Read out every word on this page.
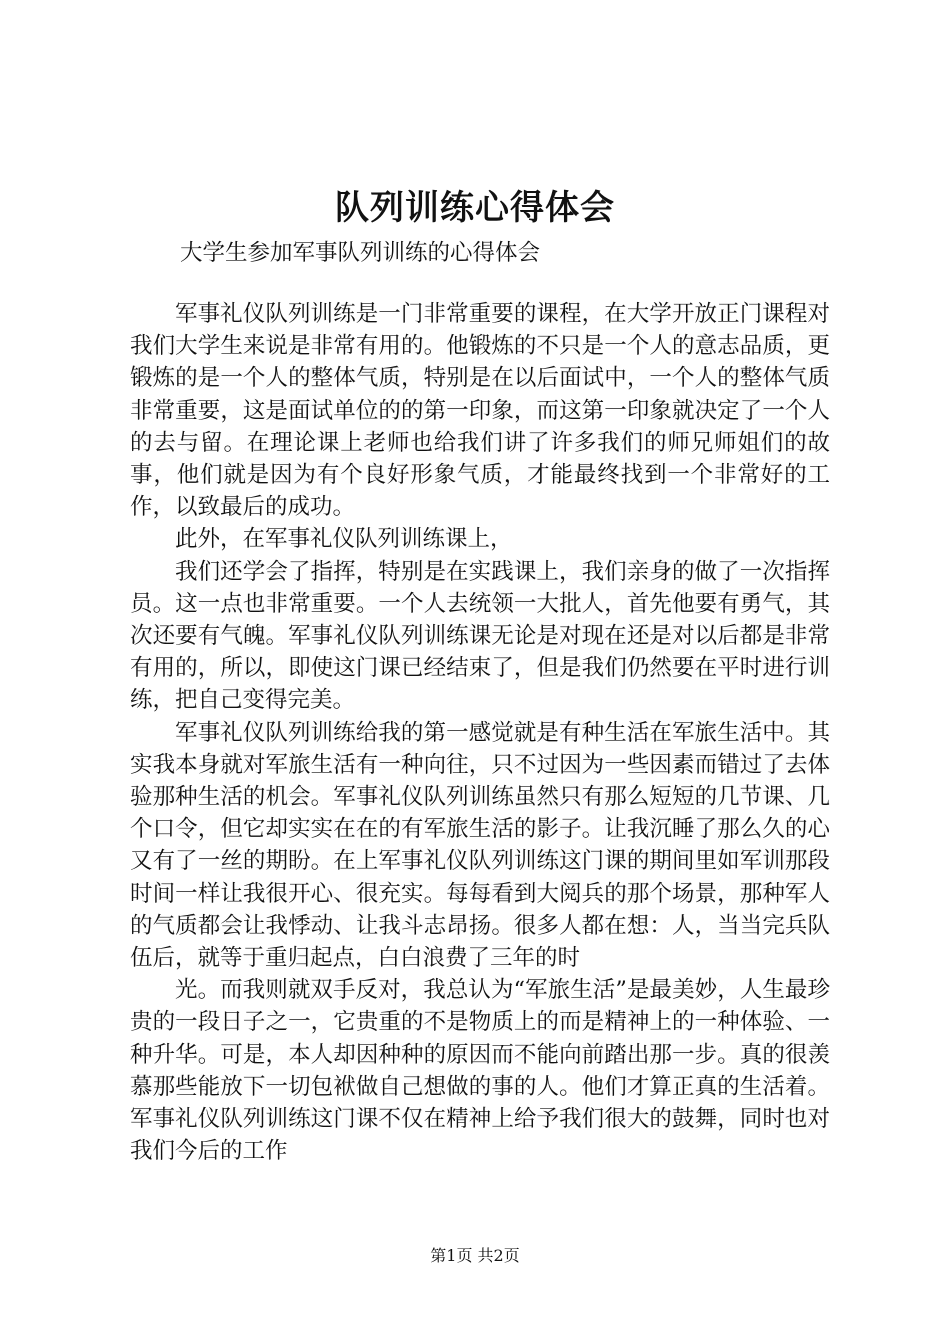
队列训练心得体会

大学生参加军事队列训练的心得体会

军事礼仪队列训练是一门非常重要的课程，在大学开放正门课程对我们大学生来说是非常有用的。他锻炼的不只是一个人的意志品质，更锻炼的是一个人的整体气质，特别是在以后面试中，一个人的整体气质非常重要，这是面试单位的的第一印象，而这第一印象就决定了一个人的去与留。在理论课上老师也给我们讲了许多我们的师兄师姐们的故事，他们就是因为有个良好形象气质，才能最终找到一个非常好的工作，以致最后的成功。

此外，在军事礼仪队列训练课上，

我们还学会了指挥，特别是在实践课上，我们亲身的做了一次指挥员。这一点也非常重要。一个人去统领一大批人，首先他要有勇气，其次还要有气魄。军事礼仪队列训练课无论是对现在还是对以后都是非常有用的，所以，即使这门课已经结束了，但是我们仍然要在平时进行训练，把自己变得完美。

军事礼仪队列训练给我的第一感觉就是有种生活在军旅生活中。其实我本身就对军旅生活有一种向往，只不过因为一些因素而错过了去体验那种生活的机会。军事礼仪队列训练虽然只有那么短短的几节课、几个口令，但它却实实在在的有军旅生活的影子。让我沉睡了那么久的心又有了一丝的期盼。在上军事礼仪队列训练这门课的期间里如军训那段时间一样让我很开心、很充实。每每看到大阅兵的那个场景，那种军人的气质都会让我悸动、让我斗志昂扬。很多人都在想：人，当当完兵队伍后，就等于重归起点，白白浪费了三年的时

光。而我则就双手反对，我总认为“军旅生活”是最美妙，人生最珍贵的一段日子之一，它贵重的不是物质上的而是精神上的一种体验、一种升华。可是，本人却因种种的原因而不能向前踏出那一步。真的很羡慕那些能放下一切包袱做自己想做的事的人。他们才算正真的生活着。军事礼仪队列训练这门课不仅在精神上给予我们很大的鼓舞，同时也对我们今后的工作

第1页 共2页
